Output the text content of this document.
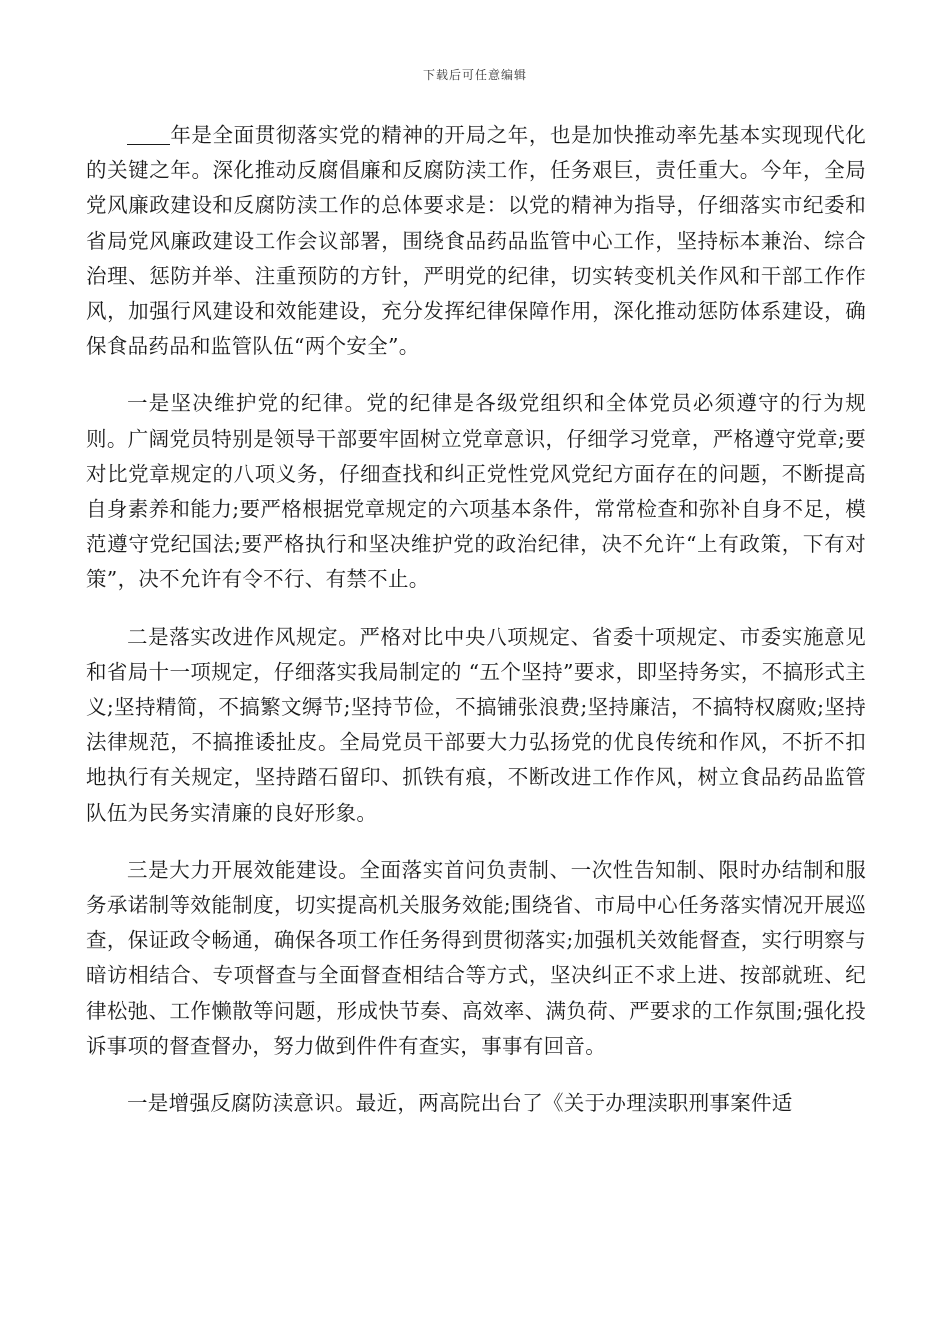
下载后可任意编辑

年是全面贯彻落实党的精神的开局之年，也是加快推动率先基本实现现代化的关键之年。深化推动反腐倡廉和反腐防渎工作，任务艰巨，责任重大。今年，全局党风廉政建设和反腐防渎工作的总体要求是：以党的精神为指导，仔细落实市纪委和省局党风廉政建设工作会议部署，围绕食品药品监管中心工作，坚持标本兼治、综合治理、惩防并举、注重预防的方针，严明党的纪律，切实转变机关作风和干部工作作风，加强行风建设和效能建设，充分发挥纪律保障作用，深化推动惩防体系建设，确保食品药品和监管队伍“两个安全”。

一是坚决维护党的纪律。党的纪律是各级党组织和全体党员必须遵守的行为规则。广阔党员特别是领导干部要牢固树立党章意识，仔细学习党章，严格遵守党章;要对比党章规定的八项义务，仔细查找和纠正党性党风党纪方面存在的问题，不断提高自身素养和能力;要严格根据党章规定的六项基本条件，常常检查和弥补自身不足，模范遵守党纪国法;要严格执行和坚决维护党的政治纪律，决不允许“上有政策，下有对策”，决不允许有令不行、有禁不止。

二是落实改进作风规定。严格对比中央八项规定、省委十项规定、市委实施意见和省局十一项规定，仔细落实我局制定的 “五个坚持”要求，即坚持务实，不搞形式主义;坚持精简，不搞繁文缛节;坚持节俭，不搞铺张浪费;坚持廉洁，不搞特权腐败;坚持法律规范，不搞推诿扯皮。全局党员干部要大力弘扬党的优良传统和作风，不折不扣地执行有关规定，坚持踏石留印、抓铁有痕，不断改进工作作风，树立食品药品监管队伍为民务实清廉的良好形象。

三是大力开展效能建设。全面落实首问负责制、一次性告知制、限时办结制和服务承诺制等效能制度，切实提高机关服务效能;围绕省、市局中心任务落实情况开展巡查，保证政令畅通，确保各项工作任务得到贯彻落实;加强机关效能督查，实行明察与暗访相结合、专项督查与全面督查相结合等方式，坚决纠正不求上进、按部就班、纪律松弛、工作懒散等问题，形成快节奏、高效率、满负荷、严要求的工作氛围;强化投诉事项的督查督办，努力做到件件有查实，事事有回音。

一是增强反腐防渎意识。最近，两高院出台了《关于办理渎职刑事案件适
